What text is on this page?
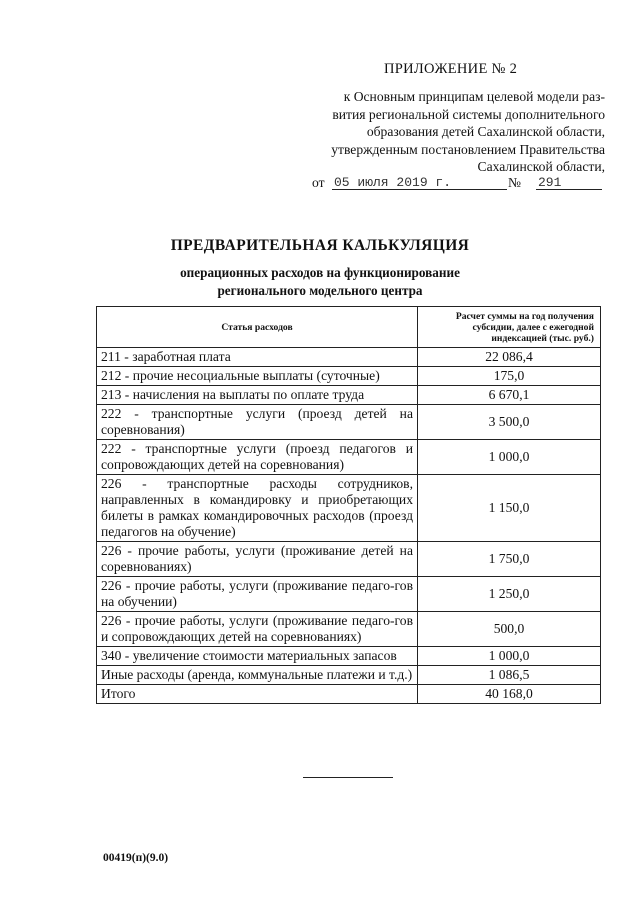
ПРИЛОЖЕНИЕ № 2
к Основным принципам целевой модели раз-
вития региональной системы дополнительного
образования детей Сахалинской области,
утвержденным постановлением Правительства
Сахалинской области,
от 05 июля 2019 г.	№ 291
ПРЕДВАРИТЕЛЬНАЯ КАЛЬКУЛЯЦИЯ
операционных расходов на функционирование
регионального модельного центра
Статья расходов	Расчет суммы на год получения субсидии, далее с ежегодной индексацией (тыс. руб.)
211 - заработная плата	22 086,4
212 - прочие несоциальные выплаты (суточные)	175,0
213 - начисления на выплаты по оплате труда	6 670,1
222 - транспортные услуги (проезд детей на соревнования)	3 500,0
222 - транспортные услуги (проезд педагогов и сопровождающих детей на соревнования)	1 000,0
226 - транспортные расходы сотрудников, направленных в командировку и приобретающих билеты в рамках командировочных расходов (проезд педагогов на обучение)	1 150,0
226 - прочие работы, услуги (проживание детей на соревнованиях)	1 750,0
226 - прочие работы, услуги (проживание педаго-гов на обучении)	1 250,0
226 - прочие работы, услуги (проживание педаго-гов и сопровождающих детей на соревнованиях)	500,0
340 - увеличение стоимости материальных запасов	1 000,0
Иные расходы (аренда, коммунальные платежи и т.д.)	1 086,5
Итого	40 168,0
00419(п)(9.0)
